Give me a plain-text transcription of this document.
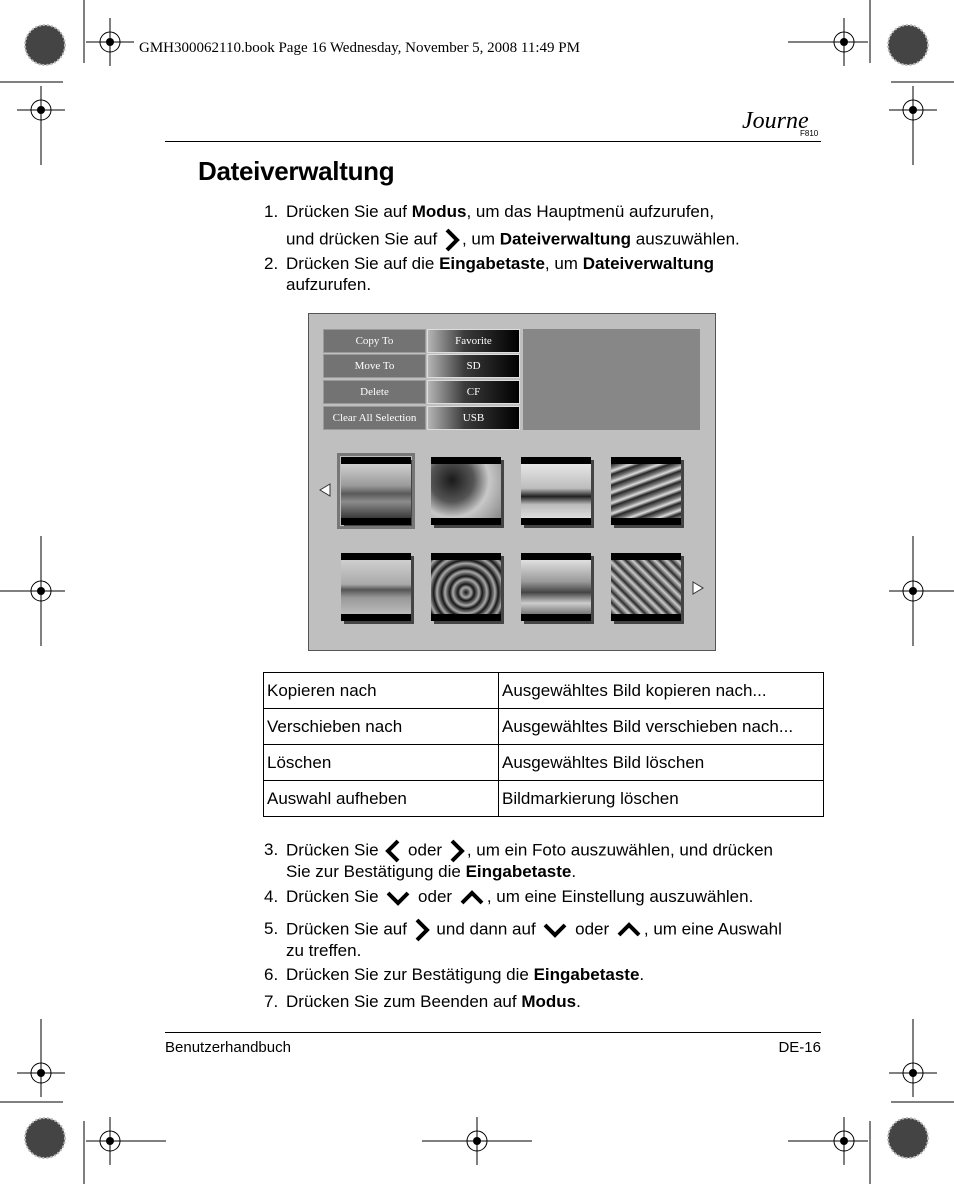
GMH300062110.book Page 16 Wednesday, November 5, 2008 11:49 PM
Journe
F810
Dateiverwaltung
1. Drücken Sie auf Modus, um das Hauptmenü aufzurufen,
und drücken Sie auf , um Dateiverwaltung auszuwählen.
2. Drücken Sie auf die Eingabetaste, um Dateiverwaltung
aufzurufen.
Copy To
Move To
Delete
Clear All Selection
Favorite
SD
CF
USB
Kopieren nach	Ausgewähltes Bild kopieren nach...
Verschieben nach	Ausgewähltes Bild verschieben nach...
Löschen	Ausgewähltes Bild löschen
Auswahl aufheben	Bildmarkierung löschen
3. Drücken Sie  oder , um ein Foto auszuwählen, und drücken
Sie zur Bestätigung die Eingabetaste.
4. Drücken Sie  oder , um eine Einstellung auszuwählen.
5. Drücken Sie auf  und dann auf  oder , um eine Auswahl
zu treffen.
6. Drücken Sie zur Bestätigung die Eingabetaste.
7. Drücken Sie zum Beenden auf Modus.
Benutzerhandbuch	DE-16
